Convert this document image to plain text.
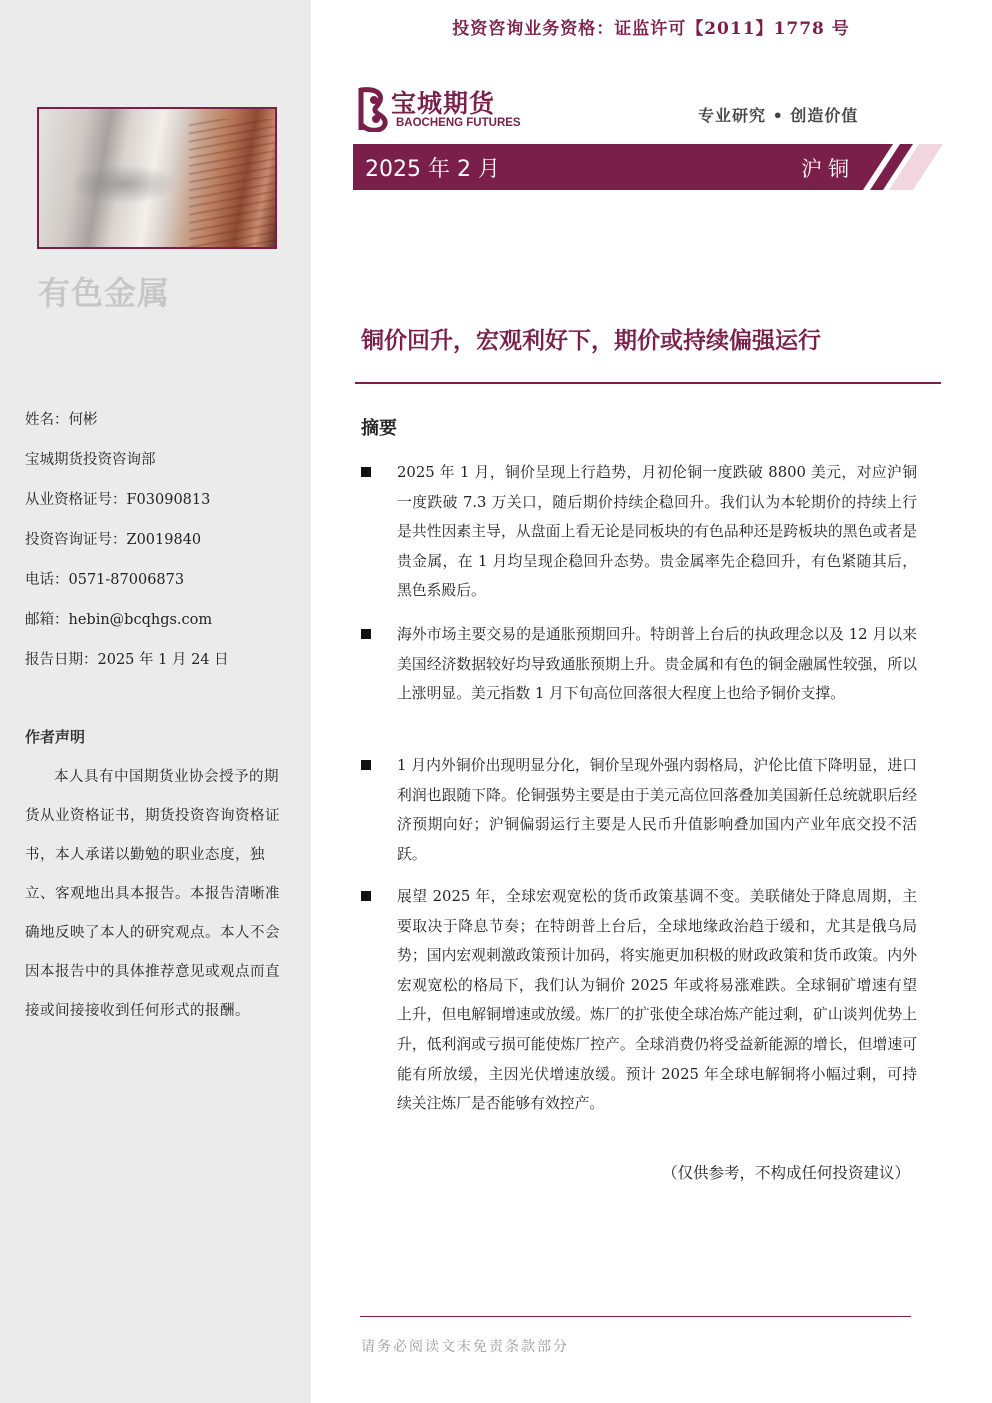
有色金属
姓名：何彬
宝城期货投资咨询部
从业资格证号：F03090813
投资咨询证号：Z0019840
电话：0571-87006873
邮箱：hebin@bcqhgs.com
报告日期：2025 年 1 月 24 日
作者声明
本人具有中国期货业协会授予的期货从业资格证书，期货投资咨询资格证书，本人承诺以勤勉的职业态度，独立、客观地出具本报告。本报告清晰准确地反映了本人的研究观点。本人不会因本报告中的具体推荐意见或观点而直接或间接接收到任何形式的报酬。
投资咨询业务资格：证监许可【2011】1778 号
宝城期货
BAOCHENG FUTURES	专业研究 • 创造价值
2025 年 2 月	沪铜
铜价回升，宏观利好下，期价或持续偏强运行
摘要
2025 年 1 月，铜价呈现上行趋势，月初伦铜一度跌破 8800 美元，对应沪铜一度跌破 7.3 万关口，随后期价持续企稳回升。我们认为本轮期价的持续上行是共性因素主导，从盘面上看无论是同板块的有色品种还是跨板块的黑色或者是贵金属，在 1 月均呈现企稳回升态势。贵金属率先企稳回升，有色紧随其后，黑色系殿后。
海外市场主要交易的是通胀预期回升。特朗普上台后的执政理念以及 12 月以来美国经济数据较好均导致通胀预期上升。贵金属和有色的铜金融属性较强，所以上涨明显。美元指数 1 月下旬高位回落很大程度上也给予铜价支撑。
1 月内外铜价出现明显分化，铜价呈现外强内弱格局，沪伦比值下降明显，进口利润也跟随下降。伦铜强势主要是由于美元高位回落叠加美国新任总统就职后经济预期向好；沪铜偏弱运行主要是人民币升值影响叠加国内产业年底交投不活跃。
展望 2025 年，全球宏观宽松的货币政策基调不变。美联储处于降息周期，主要取决于降息节奏；在特朗普上台后，全球地缘政治趋于缓和，尤其是俄乌局势；国内宏观刺激政策预计加码，将实施更加积极的财政政策和货币政策。内外宏观宽松的格局下，我们认为铜价 2025 年或将易涨难跌。全球铜矿增速有望上升，但电解铜增速或放缓。炼厂的扩张使全球冶炼产能过剩，矿山谈判优势上升，低利润或亏损可能使炼厂控产。全球消费仍将受益新能源的增长，但增速可能有所放缓，主因光伏增速放缓。预计 2025 年全球电解铜将小幅过剩，可持续关注炼厂是否能够有效控产。
（仅供参考，不构成任何投资建议）
请务必阅读文末免责条款部分
